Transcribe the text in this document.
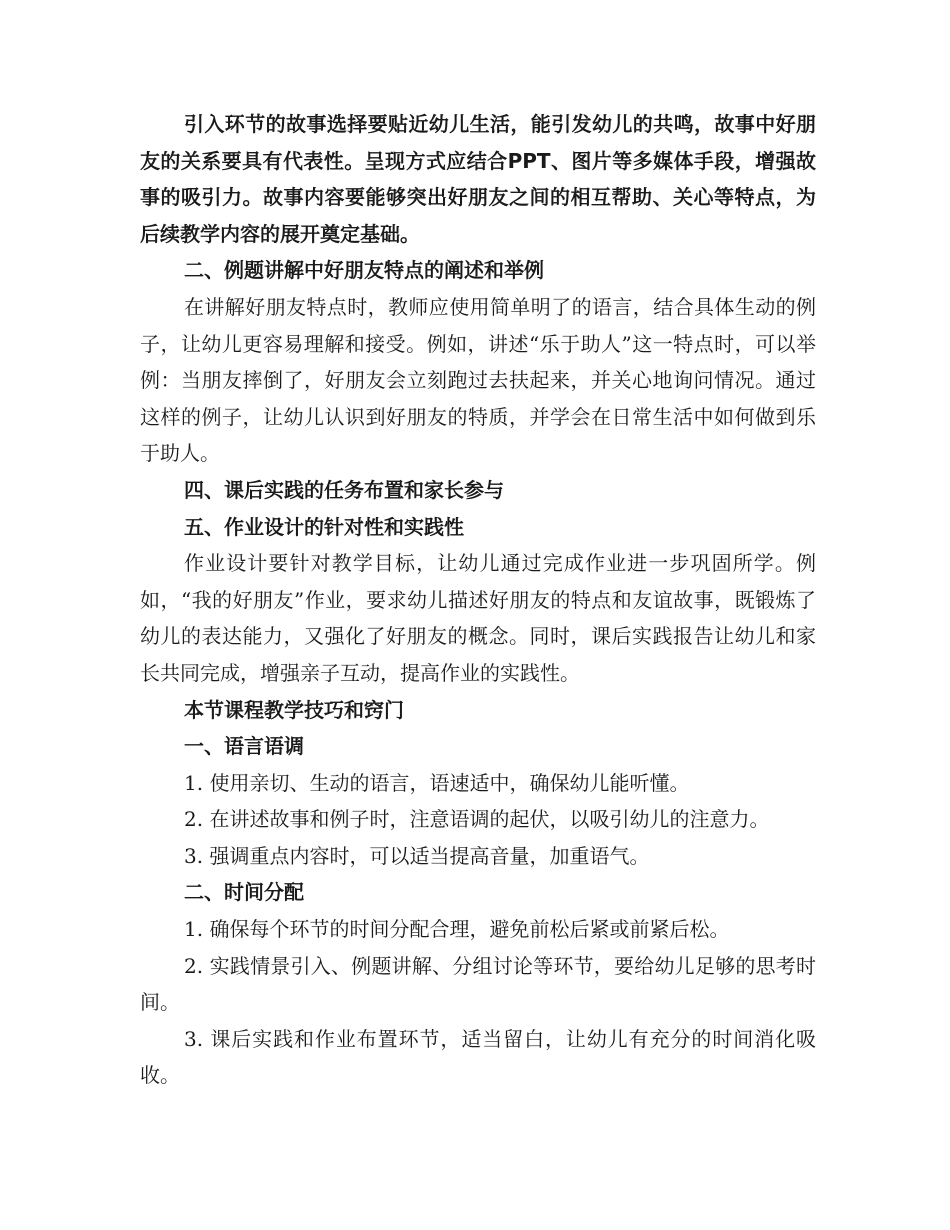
引入环节的故事选择要贴近幼儿生活，能引发幼儿的共鸣，故事中好朋友的关系要具有代表性。呈现方式应结合PPT、图片等多媒体手段，增强故事的吸引力。故事内容要能够突出好朋友之间的相互帮助、关心等特点，为后续教学内容的展开奠定基础。

二、例题讲解中好朋友特点的阐述和举例

在讲解好朋友特点时，教师应使用简单明了的语言，结合具体生动的例子，让幼儿更容易理解和接受。例如，讲述“乐于助人”这一特点时，可以举例：当朋友摔倒了，好朋友会立刻跑过去扶起来，并关心地询问情况。通过这样的例子，让幼儿认识到好朋友的特质，并学会在日常生活中如何做到乐于助人。

四、课后实践的任务布置和家长参与

五、作业设计的针对性和实践性

作业设计要针对教学目标，让幼儿通过完成作业进一步巩固所学。例如，“我的好朋友”作业，要求幼儿描述好朋友的特点和友谊故事，既锻炼了幼儿的表达能力，又强化了好朋友的概念。同时，课后实践报告让幼儿和家长共同完成，增强亲子互动，提高作业的实践性。

本节课程教学技巧和窍门

一、语言语调

1. 使用亲切、生动的语言，语速适中，确保幼儿能听懂。

2. 在讲述故事和例子时，注意语调的起伏，以吸引幼儿的注意力。

3. 强调重点内容时，可以适当提高音量，加重语气。

二、时间分配

1. 确保每个环节的时间分配合理，避免前松后紧或前紧后松。

2. 实践情景引入、例题讲解、分组讨论等环节，要给幼儿足够的思考时间。

3. 课后实践和作业布置环节，适当留白，让幼儿有充分的时间消化吸收。
